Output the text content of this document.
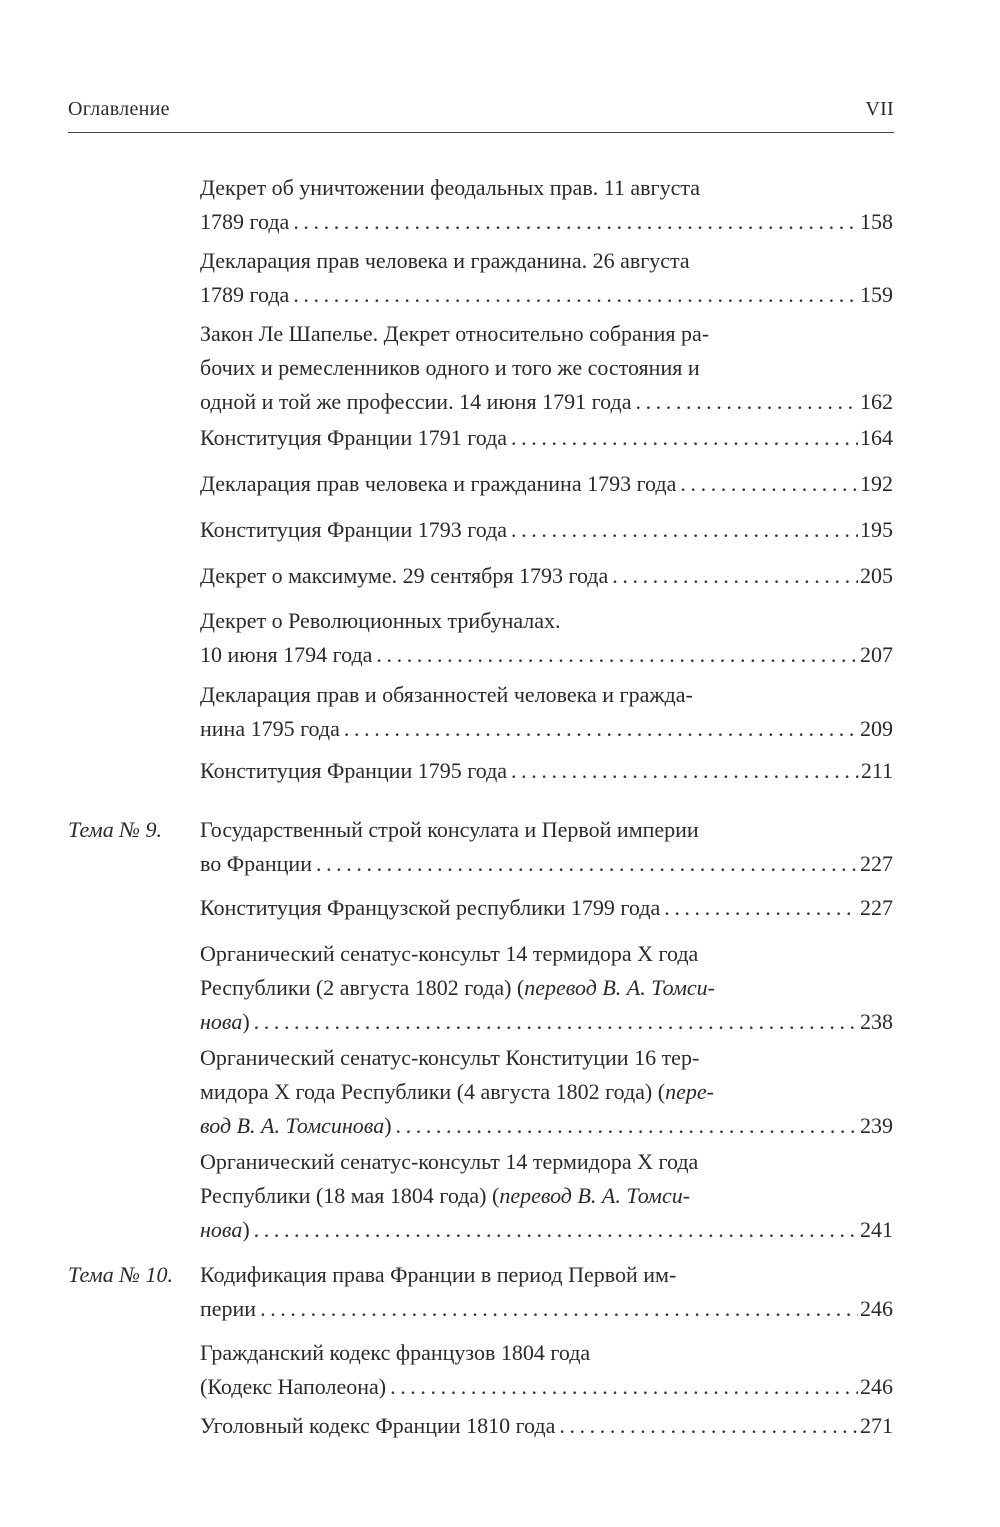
Оглавление	VII
Декрет об уничтожении феодальных прав. 11 августа
1789 года .....	158
Декларация прав человека и гражданина. 26 августа
1789 года .....	159
Закон Ле Шапелье. Декрет относительно собрания ра-
бочих и ремесленников одного и того же состояния и
одной и той же профессии. 14 июня 1791 года .....	162
Конституция Франции 1791 года .....	164
Декларация прав человека и гражданина 1793 года .....	192
Конституция Франции 1793 года .....	195
Декрет о максимуме. 29 сентября 1793 года .....	205
Декрет о Революционных трибуналах.
10 июня 1794 года .....	207
Декларация прав и обязанностей человека и гражда-
нина 1795 года .....	209
Конституция Франции 1795 года .....	211
Тема № 9. Государственный строй консулата и Первой империи
во Франции .....	227
Конституция Французской республики 1799 года .....	227
Органический сенатус-консульт 14 термидора X года
Республики (2 августа 1802 года) (перевод В. А. Томси-
нова) .....	238
Органический сенатус-консульт Конституции 16 тер-
мидора X года Республики (4 августа 1802 года) (пере-
вод В. А. Томсинова) .....	239
Органический сенатус-консульт 14 термидора X года
Республики (18 мая 1804 года) (перевод В. А. Томси-
нова) .....	241
Тема № 10. Кодификация права Франции в период Первой им-
перии .....	246
Гражданский кодекс французов 1804 года
(Кодекс Наполеона) .....	246
Уголовный кодекс Франции 1810 года .....	271
